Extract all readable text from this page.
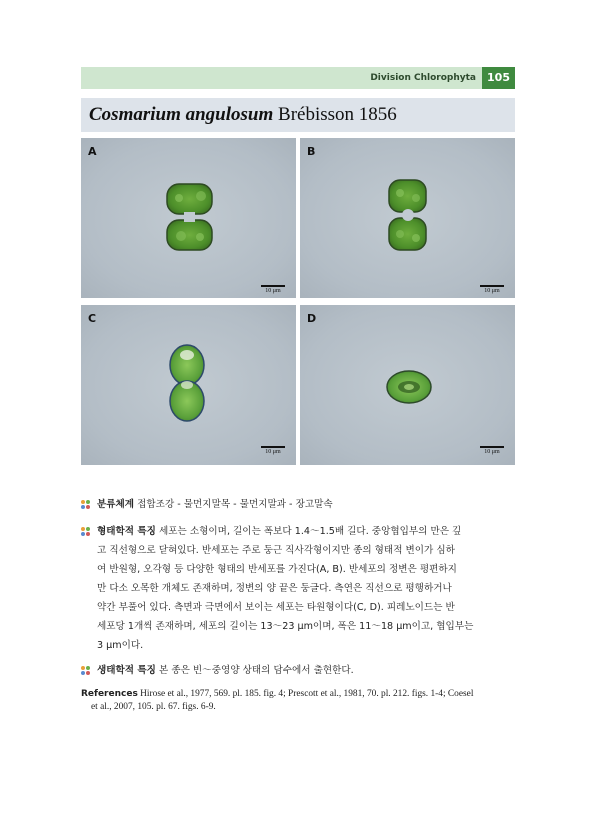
Division Chlorophyta	105
Cosmarium angulosum Brébisson 1856
A
10 μm
B
10 μm
C
10 μm
D
10 μm
분류체계 접합조강 - 물먼지말목 - 물먼지말과 - 장고말속
형태학적 특징 세포는 소형이며, 길이는 폭보다 1.4～1.5배 길다. 중앙협입부의 만은 깊
고 직선형으로 닫혀있다. 반세포는 주로 둥근 직사각형이지만 종의 형태적 변이가 심하
여 반원형, 오각형 등 다양한 형태의 반세포를 가진다(A, B). 반세포의 정변은 평편하지
만 다소 오목한 개체도 존재하며, 정변의 양 끝은 둥글다. 측연은 직선으로 평행하거나
약간 부풀어 있다. 측면과 극면에서 보이는 세포는 타원형이다(C, D). 피레노이드는 반
세포당 1개씩 존재하며, 세포의 길이는 13～23 μm이며, 폭은 11～18 μm이고, 협입부는
3 μm이다.
생태학적 특징 본 종은 빈～중영양 상태의 담수에서 출현한다.
References Hirose et al., 1977, 569. pl. 185. fig. 4; Prescott et al., 1981, 70. pl. 212. figs. 1-4; Coesel
et al., 2007, 105. pl. 67. figs. 6-9.
